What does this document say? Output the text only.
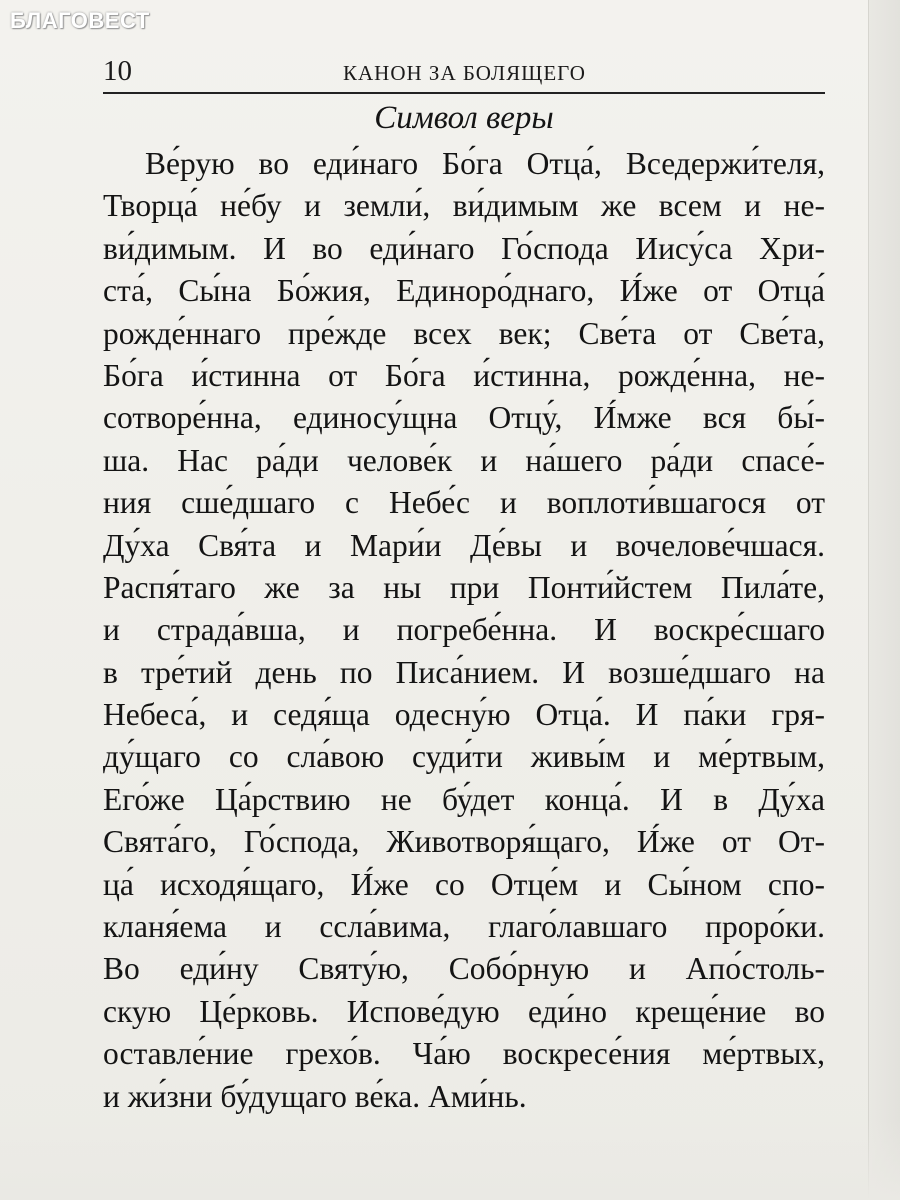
БЛАГОВЕСТ
10	КАНОН ЗА БОЛЯЩЕГО
Символ веры
Ве́рую во еди́наго Бо́га Отца́, Вседержи́теля,
Творца́ не́бу и земли́, ви́димым же всем и не-
ви́димым. И во еди́наго Го́спода Иису́са Хри-
ста́, Сы́на Бо́жия, Единоро́днаго, И́же от Отца́
рожде́ннаго пре́жде всех век; Све́та от Све́та,
Бо́га и́стинна от Бо́га и́стинна, рожде́нна, не-
сотворе́нна, единосу́щна Отцу́, И́мже вся бы́-
ша. Нас ра́ди челове́к и на́шего ра́ди спасе́-
ния сше́дшаго с Небе́с и воплоти́вшагося от
Ду́ха Свя́та и Мари́и Де́вы и вочелове́чшася.
Распя́таго же за ны при Понти́йстем Пила́те,
и страда́вша, и погребе́нна. И воскре́сшаго
в тре́тий день по Писа́нием. И возше́дшаго на
Небеса́, и седя́ща одесну́ю Отца́. И па́ки гря-
ду́щаго со сла́вою суди́ти живы́м и ме́ртвым,
Его́же Ца́рствию не бу́дет конца́. И в Ду́ха
Свята́го, Го́спода, Животворя́щаго, И́же от От-
ца́ исходя́щаго, И́же со Отце́м и Сы́ном спо-
кланя́ема и ссла́вима, глаго́лавшаго проро́ки.
Во еди́ну Святу́ю, Собо́рную и Апо́столь-
скую Це́рковь. Испове́дую еди́но креще́ние во
оставле́ние грехо́в. Ча́ю воскресе́ния ме́ртвых,
и жи́зни бу́дущаго ве́ка. Ами́нь.
